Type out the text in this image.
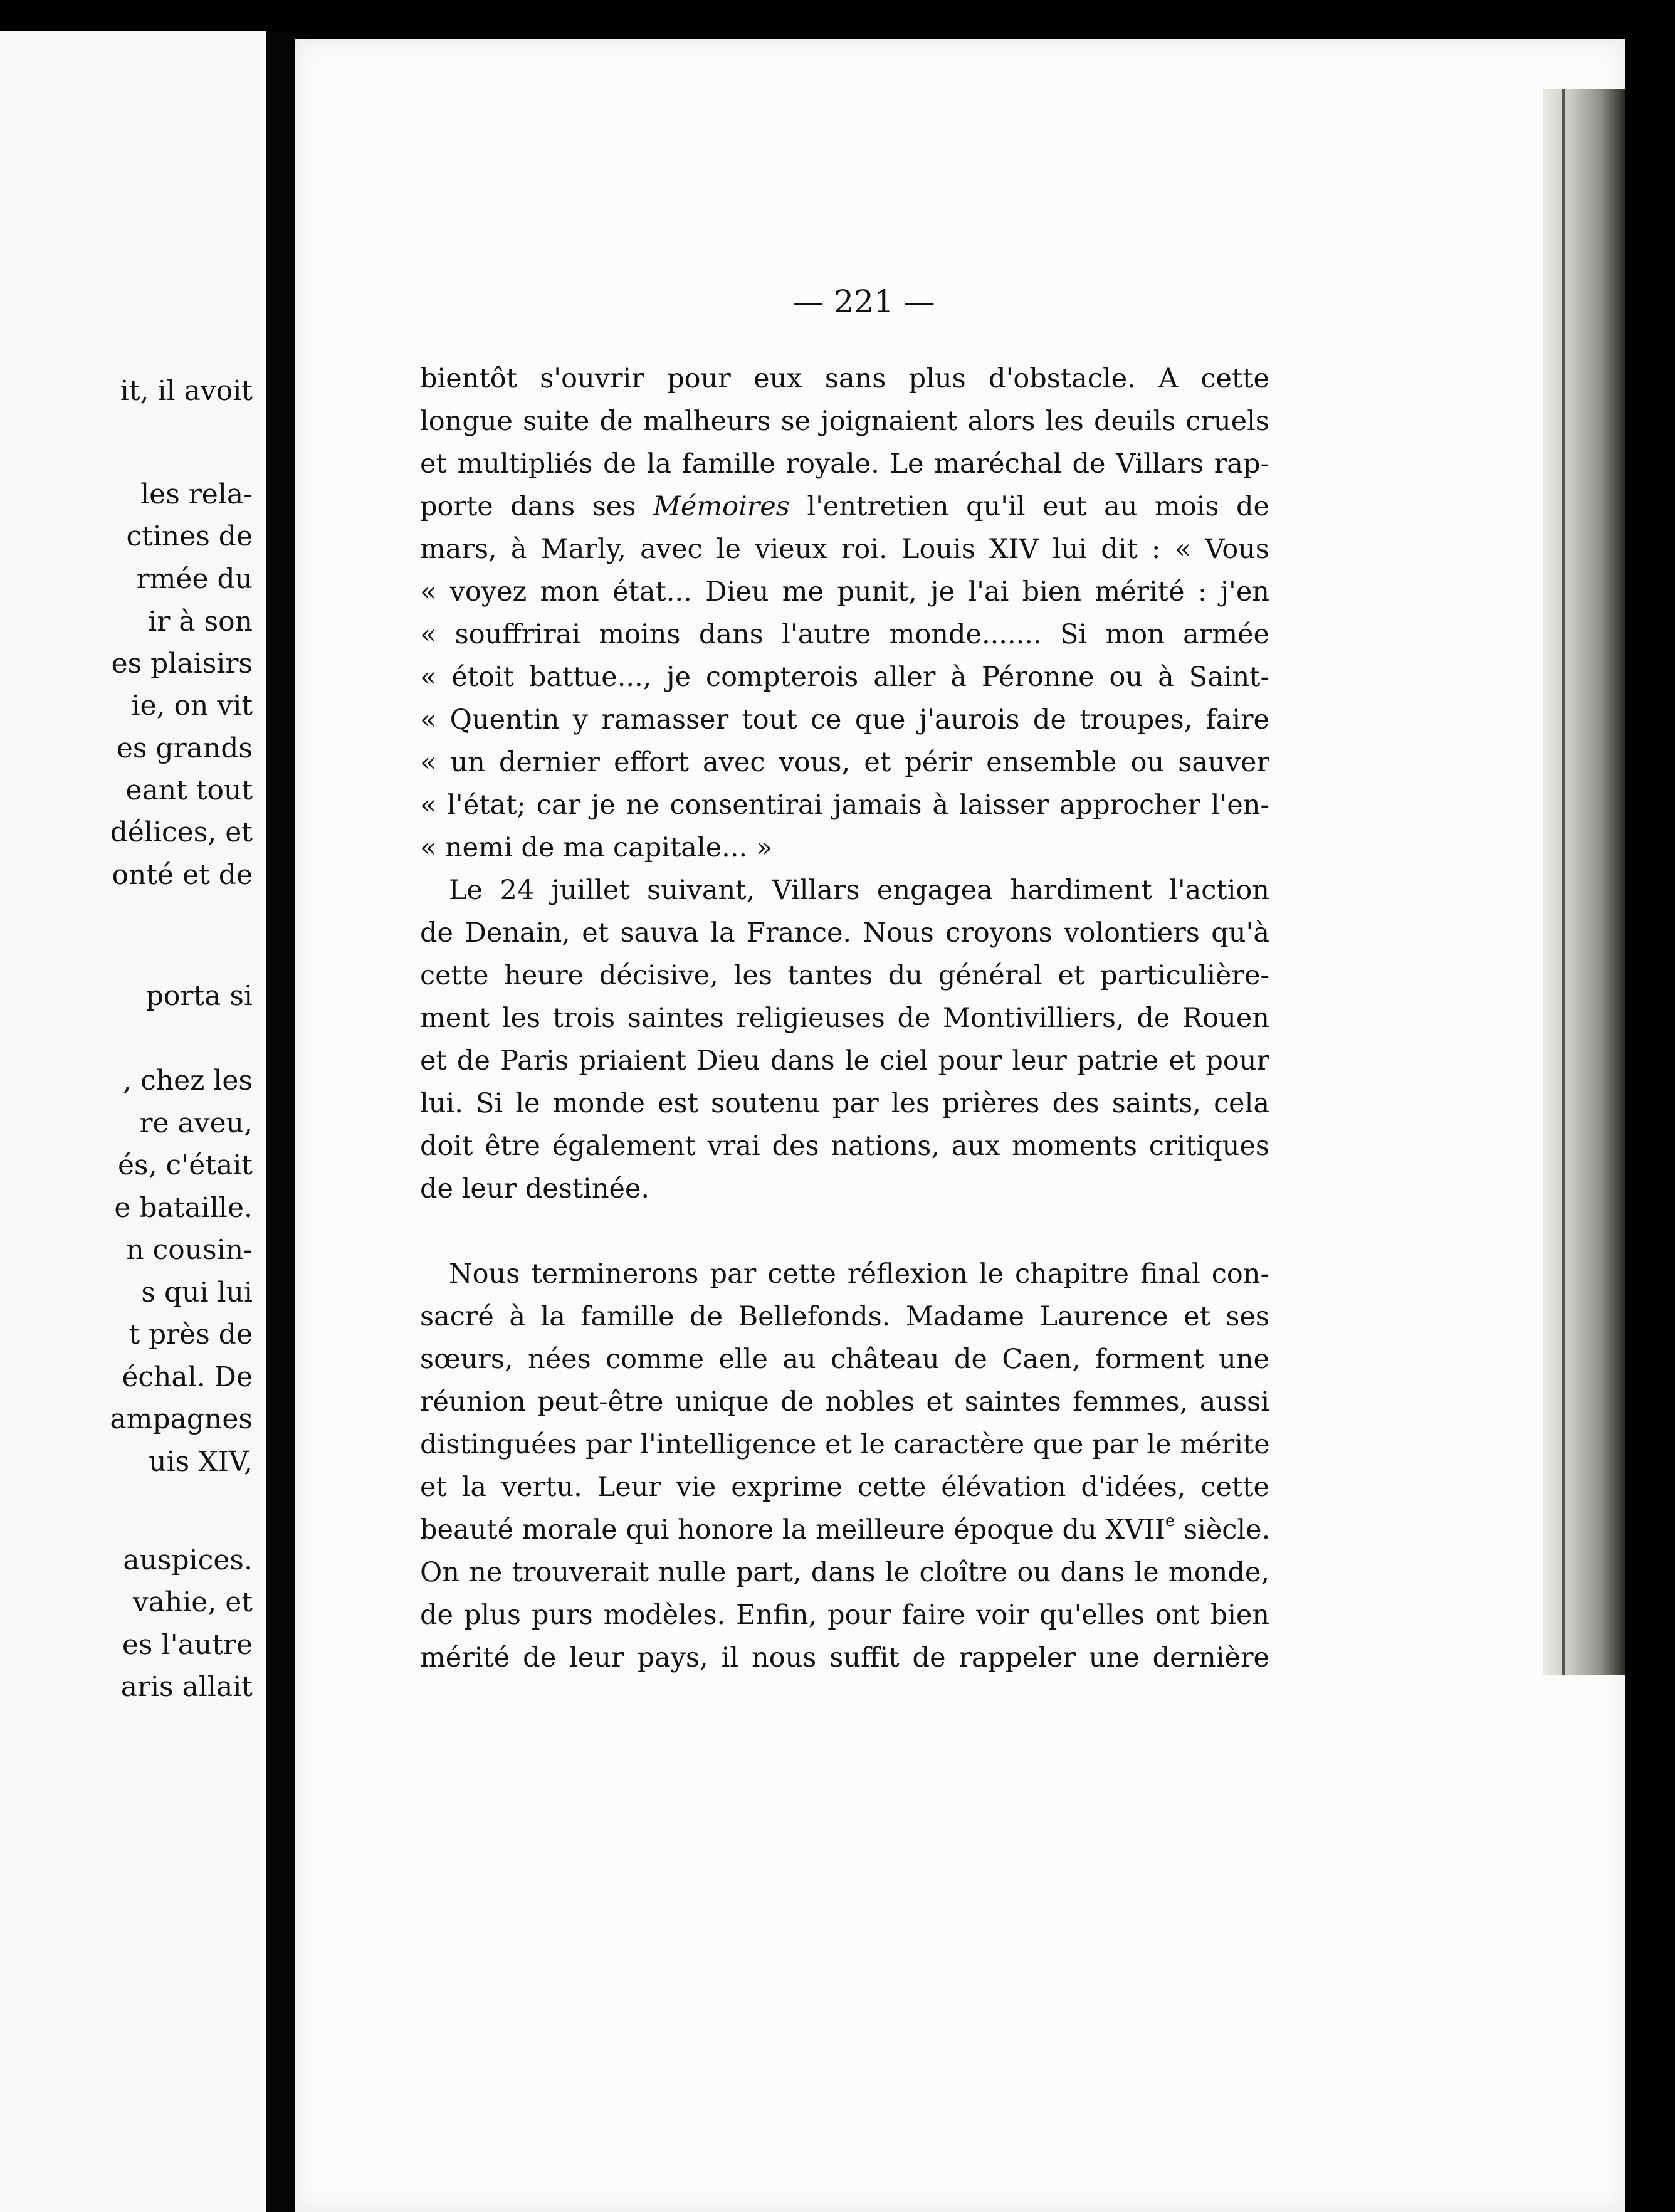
it, il avoit
les rela-
ctines de
rmée du
ir à son
es plaisirs
ie, on vit
es grands
eant tout
délices, et
onté et de
porta si
, chez les
re aveu,
és, c'était
e bataille.
n cousin-
s qui lui
t près de
échal. De
ampagnes
uis XIV,
auspices.
vahie, et
es l'autre
aris allait
— 221 —
bientôt s'ouvrir pour eux sans plus d'obstacle. A cette
longue suite de malheurs se joignaient alors les deuils cruels
et multipliés de la famille royale. Le maréchal de Villars rap-
porte dans ses Mémoires l'entretien qu'il eut au mois de
mars, à Marly, avec le vieux roi. Louis XIV lui dit : « Vous
« voyez mon état... Dieu me punit, je l'ai bien mérité : j'en
« souffrirai moins dans l'autre monde....... Si mon armée
« étoit battue..., je compterois aller à Péronne ou à Saint-
« Quentin y ramasser tout ce que j'aurois de troupes, faire
« un dernier effort avec vous, et périr ensemble ou sauver
« l'état; car je ne consentirai jamais à laisser approcher l'en-
« nemi de ma capitale... »
Le 24 juillet suivant, Villars engagea hardiment l'action
de Denain, et sauva la France. Nous croyons volontiers qu'à
cette heure décisive, les tantes du général et particulière-
ment les trois saintes religieuses de Montivilliers, de Rouen
et de Paris priaient Dieu dans le ciel pour leur patrie et pour
lui. Si le monde est soutenu par les prières des saints, cela
doit être également vrai des nations, aux moments critiques
de leur destinée.
Nous terminerons par cette réflexion le chapitre final con-
sacré à la famille de Bellefonds. Madame Laurence et ses
sœurs, nées comme elle au château de Caen, forment une
réunion peut-être unique de nobles et saintes femmes, aussi
distinguées par l'intelligence et le caractère que par le mérite
et la vertu. Leur vie exprime cette élévation d'idées, cette
beauté morale qui honore la meilleure époque du XVIIe siècle.
On ne trouverait nulle part, dans le cloître ou dans le monde,
de plus purs modèles. Enfin, pour faire voir qu'elles ont bien
mérité de leur pays, il nous suffit de rappeler une dernière
